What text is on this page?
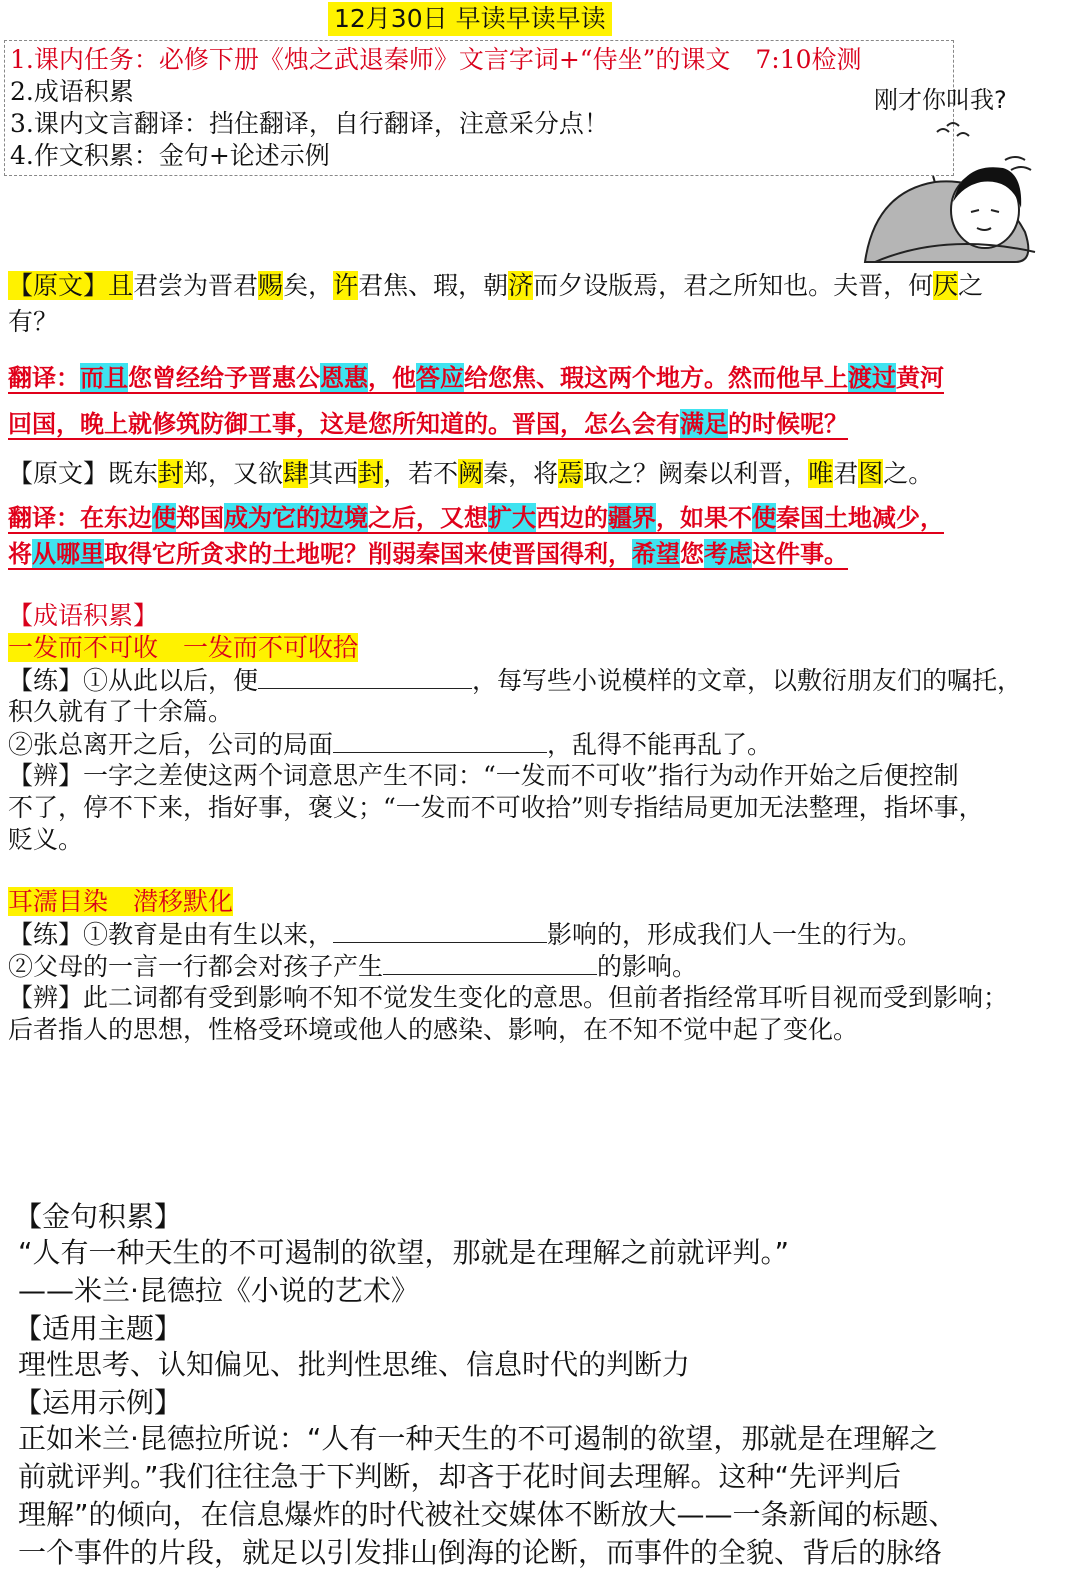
12月30日 早读早读早读
1.课内任务：必修下册《烛之武退秦师》文言字词+“侍坐”的课文　7:10检测
2.成语积累
3.课内文言翻译：挡住翻译，自行翻译，注意采分点！
4.作文积累：金句+论述示例
刚才你叫我?
【原文】且君尝为晋君赐矣，许君焦、瑕，朝济而夕设版焉，君之所知也。夫晋，何厌之
有？
翻译：而且您曾经给予晋惠公恩惠，他答应给您焦、瑕这两个地方。然而他早上渡过黄河
回国，晚上就修筑防御工事，这是您所知道的。晋国，怎么会有满足的时候呢？
【原文】既东封郑，又欲肆其西封，若不阙秦，将焉取之？阙秦以利晋，唯君图之。
翻译：在东边使郑国成为它的边境之后，又想扩大西边的疆界，如果不使秦国土地减少，
将从哪里取得它所贪求的土地呢？削弱秦国来使晋国得利，希望您考虑这件事。
【成语积累】
一发而不可收　一发而不可收拾
【练】①从此以后，便	，每写些小说模样的文章，以敷衍朋友们的嘱托，
积久就有了十余篇。
②张总离开之后，公司的局面	，乱得不能再乱了。
【辨】一字之差使这两个词意思产生不同：“一发而不可收”指行为动作开始之后便控制
不了，停不下来，指好事，褒义；“一发而不可收拾”则专指结局更加无法整理，指坏事，
贬义。
耳濡目染　潜移默化
【练】①教育是由有生以来，	影响的，形成我们人一生的行为。
②父母的一言一行都会对孩子产生	的影响。
【辨】此二词都有受到影响不知不觉发生变化的意思。但前者指经常耳听目视而受到影响；
后者指人的思想，性格受环境或他人的感染、影响，在不知不觉中起了变化。
【金句积累】
“人有一种天生的不可遏制的欲望，那就是在理解之前就评判。”
——米兰·昆德拉《小说的艺术》
【适用主题】
理性思考、认知偏见、批判性思维、信息时代的判断力
【运用示例】
正如米兰·昆德拉所说：“人有一种天生的不可遏制的欲望，那就是在理解之
前就评判。”我们往往急于下判断，却吝于花时间去理解。这种“先评判后
理解”的倾向，在信息爆炸的时代被社交媒体不断放大——一条新闻的标题、
一个事件的片段，就足以引发排山倒海的论断，而事件的全貌、背后的脉络
